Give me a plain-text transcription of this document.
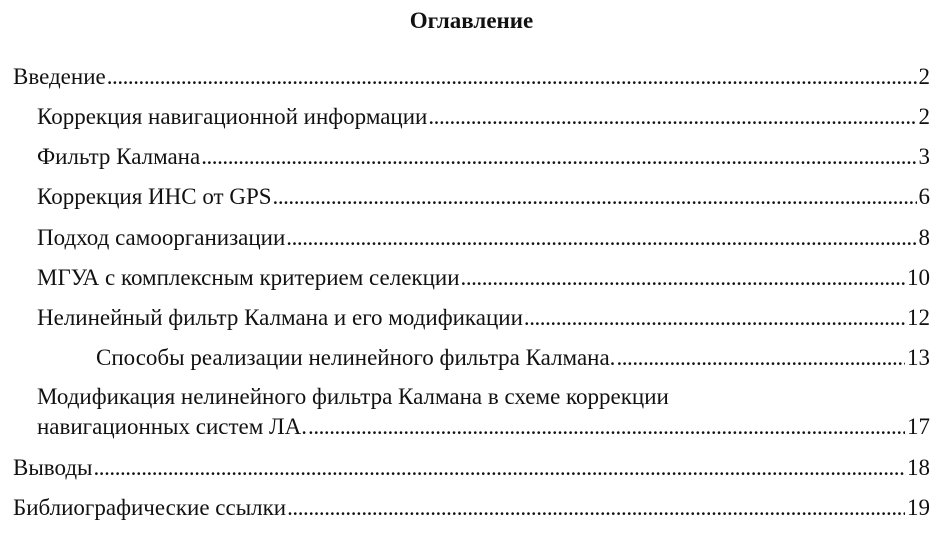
Оглавление
Введение . . .	2
Коррекция навигационной информации . . .	2
Фильтр Калмана . . .	3
Коррекция ИНС от GPS . . .	6
Подход самоорганизации . . .	8
МГУА с комплексным критерием селекции . . .	10
Нелинейный фильтр Калмана и его модификации . . .	12
Способы реализации нелинейного фильтра Калмана. . . .	13
Модификация нелинейного фильтра Калмана в схеме коррекции
навигационных систем ЛА. . . .	17
Выводы . . .	18
Библиографические ссылки . . .	19
